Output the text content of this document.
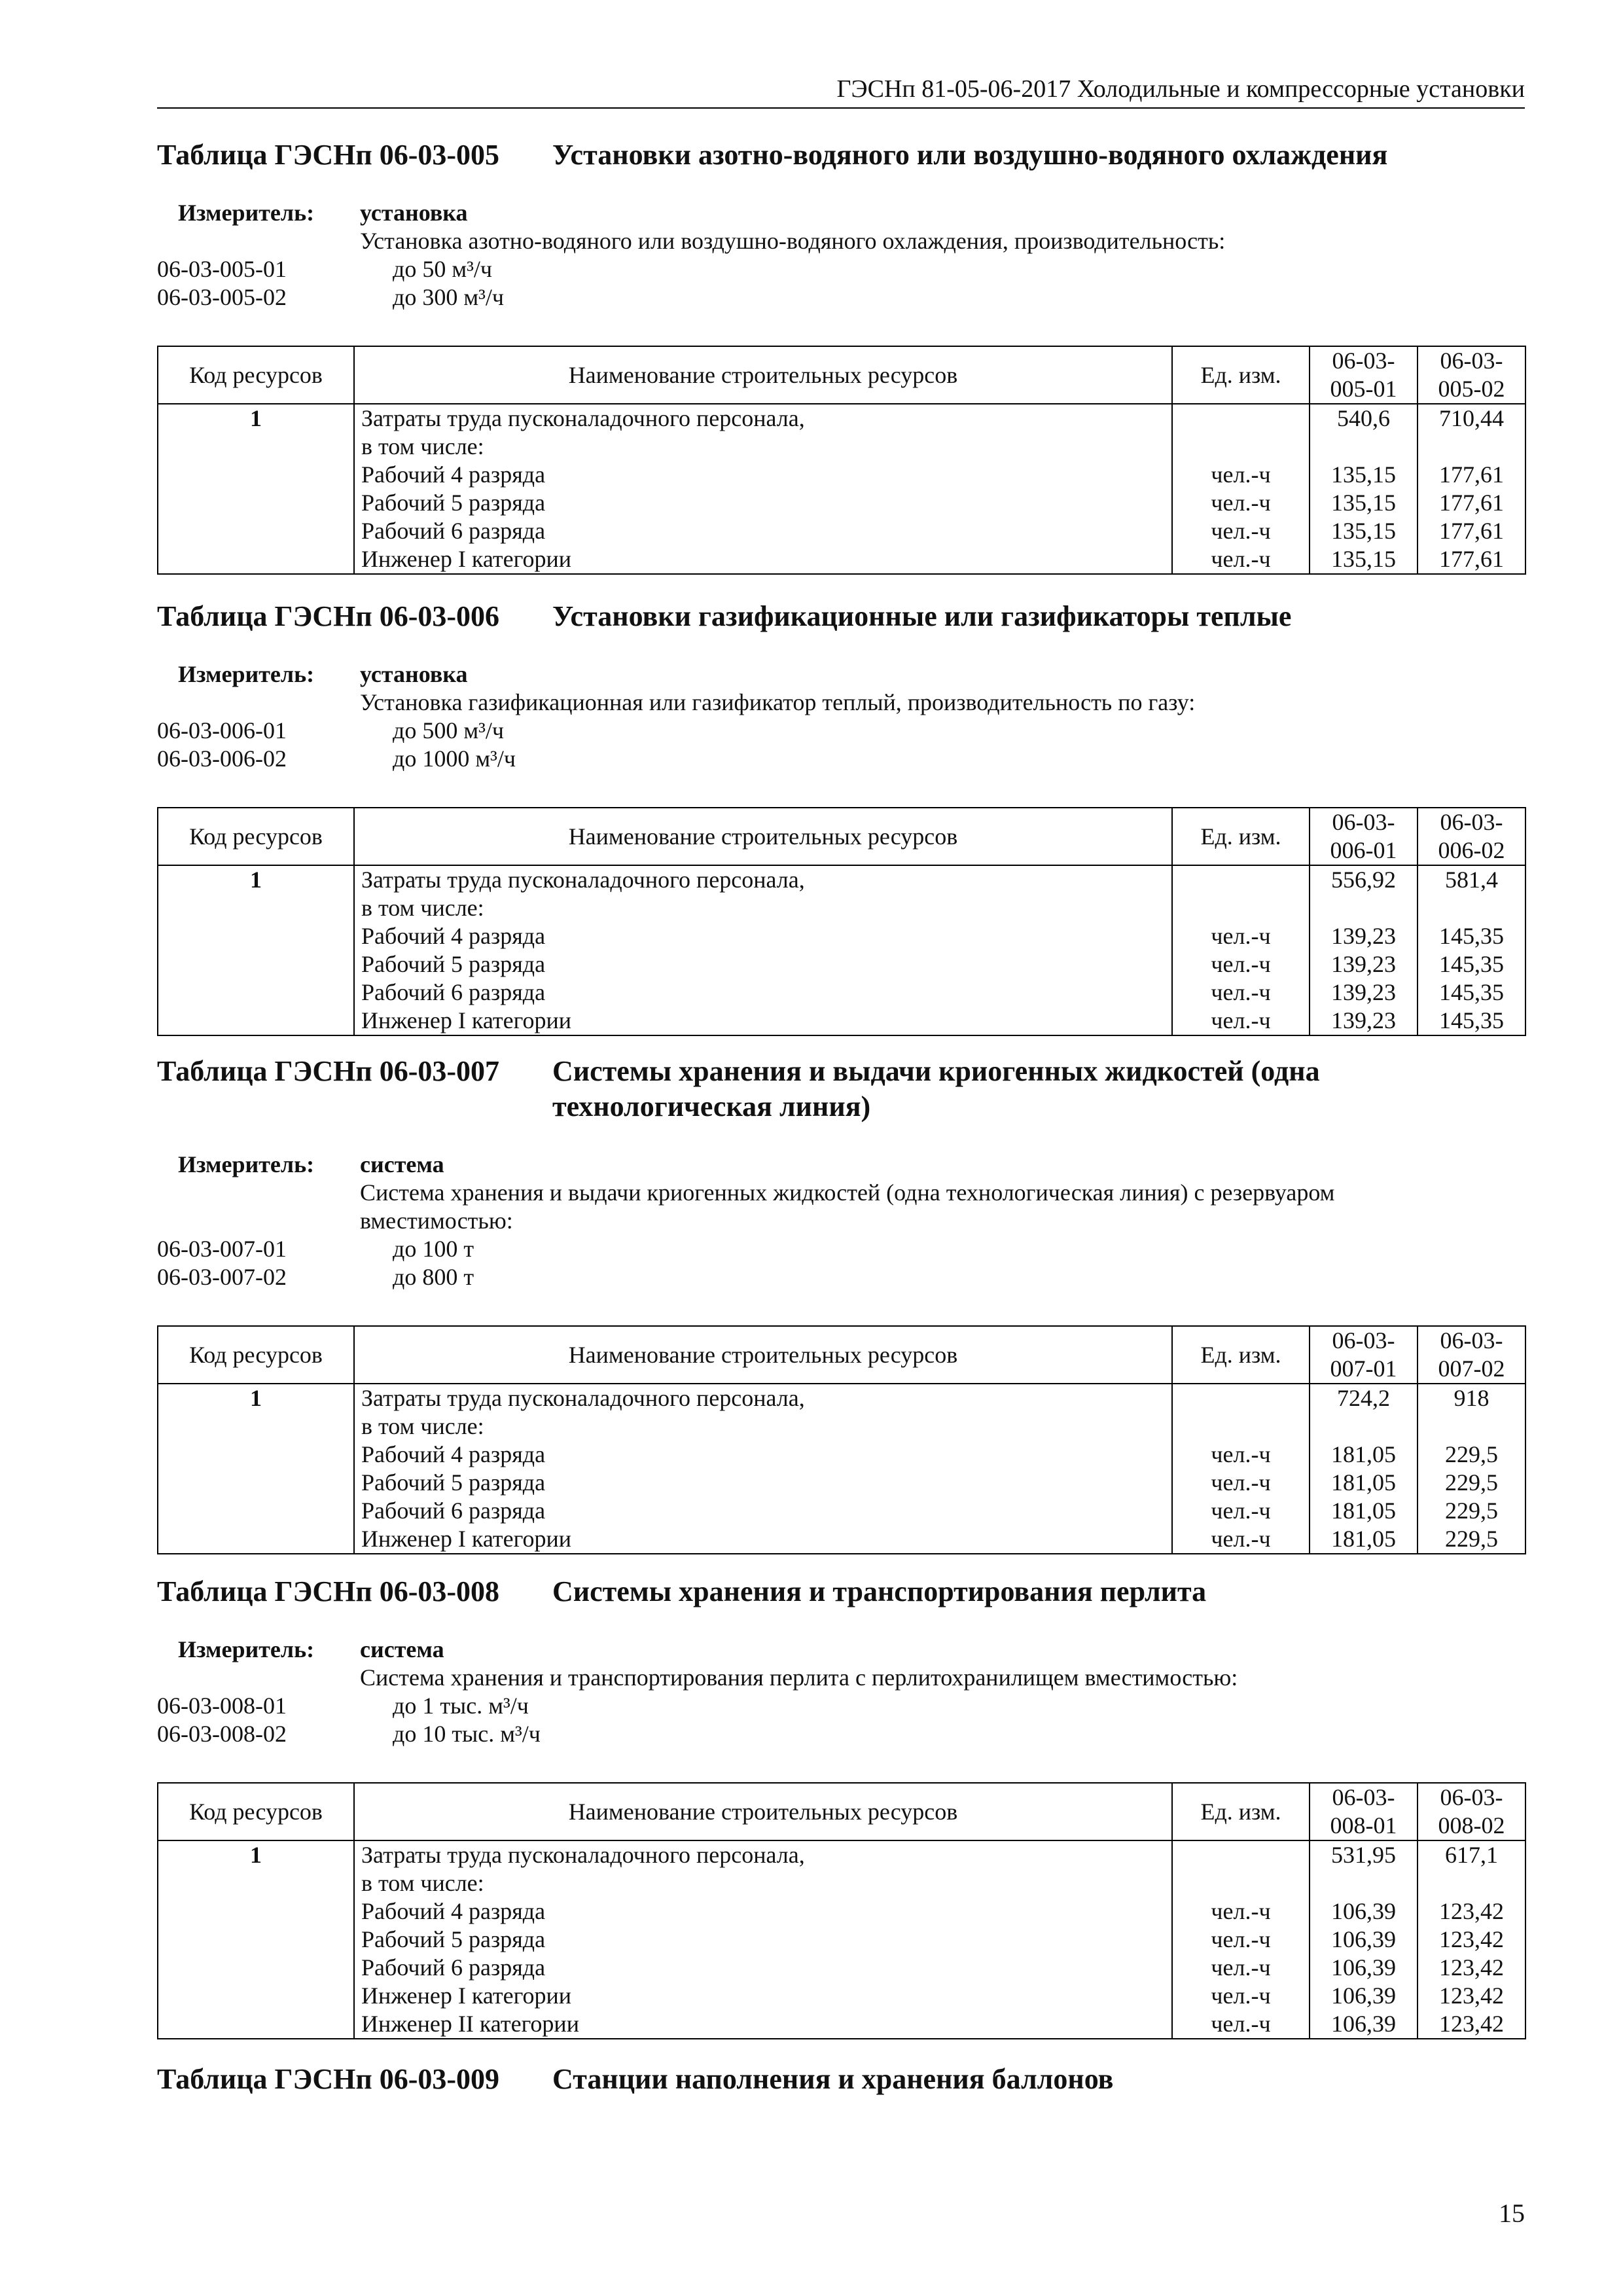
ГЭСНп 81-05-06-2017 Холодильные и компрессорные установки
Таблица ГЭСНп 06-03-005	Установки азотно-водяного или воздушно-водяного охлаждения
Измеритель:	установка
Установка азотно-водяного или воздушно-водяного охлаждения, производительность:
06-03-005-01	до 50 м³/ч
06-03-005-02	до 300 м³/ч
Код ресурсов	Наименование строительных ресурсов	Ед. изм.	06-03-
005-01	06-03-
005-02
1	Затраты труда пусконаладочного персонала,		540,6	710,44
	в том числе:			
	Рабочий 4 разряда	чел.-ч	135,15	177,61
	Рабочий 5 разряда	чел.-ч	135,15	177,61
	Рабочий 6 разряда	чел.-ч	135,15	177,61
	Инженер I категории	чел.-ч	135,15	177,61
Таблица ГЭСНп 06-03-006	Установки газификационные или газификаторы теплые
Измеритель:	установка
Установка газификационная или газификатор теплый, производительность по газу:
06-03-006-01	до 500 м³/ч
06-03-006-02	до 1000 м³/ч
Код ресурсов	Наименование строительных ресурсов	Ед. изм.	06-03-
006-01	06-03-
006-02
1	Затраты труда пусконаладочного персонала,		556,92	581,4
	в том числе:			
	Рабочий 4 разряда	чел.-ч	139,23	145,35
	Рабочий 5 разряда	чел.-ч	139,23	145,35
	Рабочий 6 разряда	чел.-ч	139,23	145,35
	Инженер I категории	чел.-ч	139,23	145,35
Таблица ГЭСНп 06-03-007	Системы хранения и выдачи криогенных жидкостей (одна технологическая линия)
Измеритель:	система
Система хранения и выдачи криогенных жидкостей (одна технологическая линия) с резервуаром вместимостью:
06-03-007-01	до 100 т
06-03-007-02	до 800 т
Код ресурсов	Наименование строительных ресурсов	Ед. изм.	06-03-
007-01	06-03-
007-02
1	Затраты труда пусконаладочного персонала,		724,2	918
	в том числе:			
	Рабочий 4 разряда	чел.-ч	181,05	229,5
	Рабочий 5 разряда	чел.-ч	181,05	229,5
	Рабочий 6 разряда	чел.-ч	181,05	229,5
	Инженер I категории	чел.-ч	181,05	229,5
Таблица ГЭСНп 06-03-008	Системы хранения и транспортирования перлита
Измеритель:	система
Система хранения и транспортирования перлита с перлитохранилищем вместимостью:
06-03-008-01	до 1 тыс. м³/ч
06-03-008-02	до 10 тыс. м³/ч
Код ресурсов	Наименование строительных ресурсов	Ед. изм.	06-03-
008-01	06-03-
008-02
1	Затраты труда пусконаладочного персонала,		531,95	617,1
	в том числе:			
	Рабочий 4 разряда	чел.-ч	106,39	123,42
	Рабочий 5 разряда	чел.-ч	106,39	123,42
	Рабочий 6 разряда	чел.-ч	106,39	123,42
	Инженер I категории	чел.-ч	106,39	123,42
	Инженер II категории	чел.-ч	106,39	123,42
Таблица ГЭСНп 06-03-009	Станции наполнения и хранения баллонов
15
